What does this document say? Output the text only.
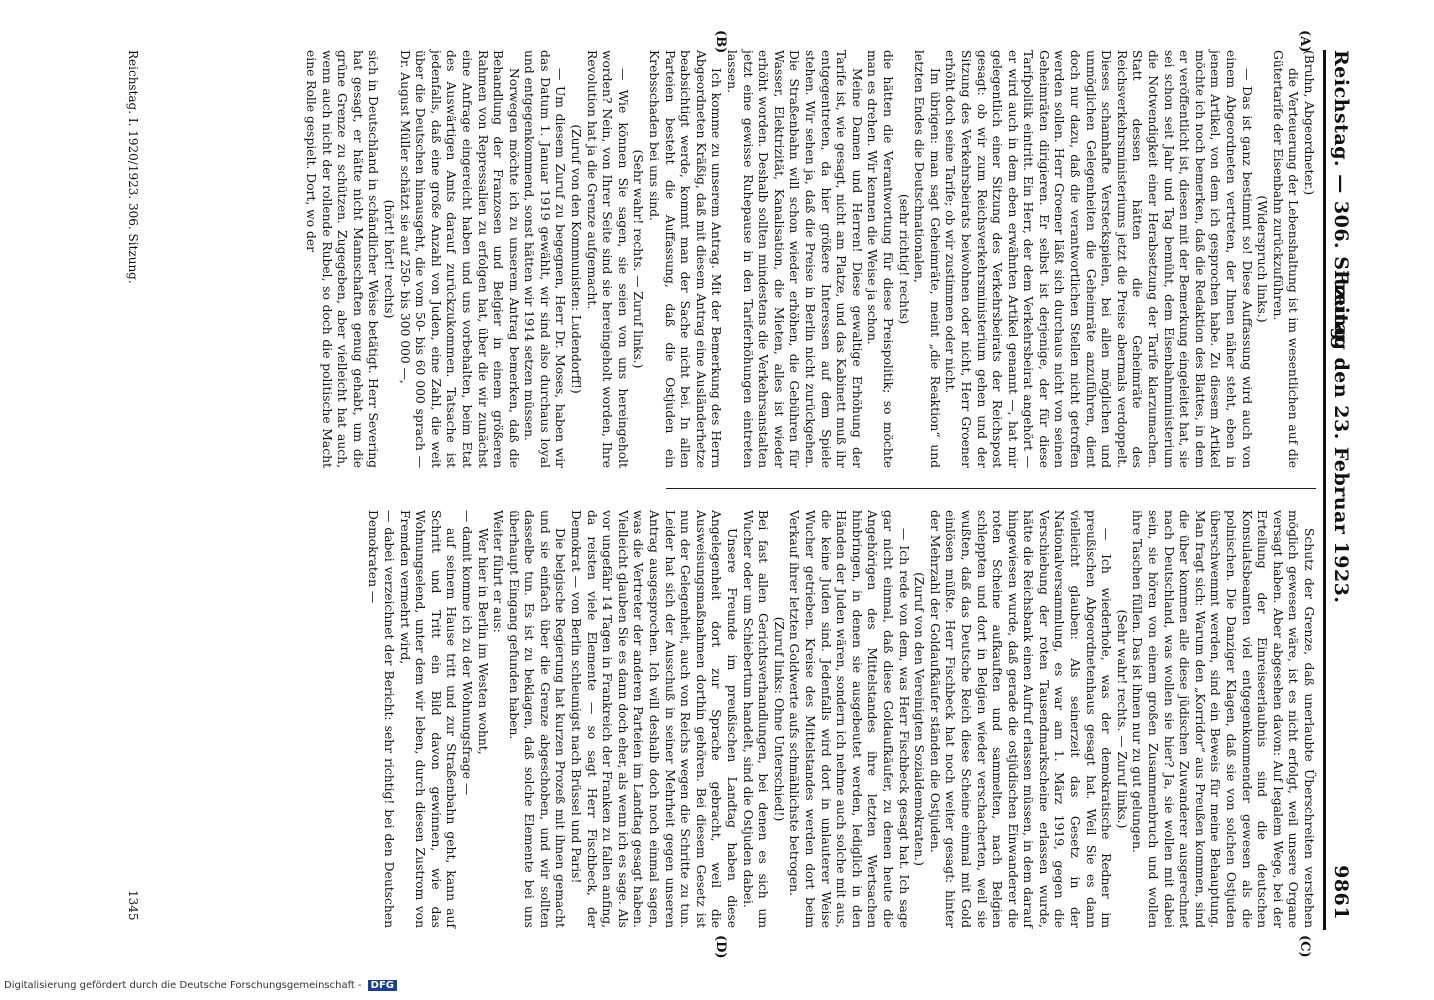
Reichstag. — 306. Sitzung.
Freitag den 23. Februar 1923.
9861
(A)
(B)
(C)
(D)

(Bruhn, Abgeordneter.)

die Verteuerung der Lebenshaltung ist im wesentlichen auf die Gütertarife der Eisenbahn zurückzuführen.

(Widerspruch links.)

— Das ist ganz bestimmt so! Diese Auffassung wird auch von einem Abgeordneten vertreten, der Ihnen näher steht, eben in jenem Artikel, von dem ich gesprochen habe. Zu diesem Artikel möchte ich noch bemerken, daß die Redaktion des Blattes, in dem er veröffentlicht ist, diesen mit der Bemerkung eingeleitet hat, sie sei schon seit Jahr und Tag bemüht, dem Eisenbahnministerium die Notwendigkeit einer Herabsetzung der Tarife klarzumachen. Statt dessen hätten die Geheimräte des Reichsverkehrsministeriums jetzt die Preise abermals verdoppelt. Dieses schamhafte Versteckspielen, bei allen möglichen und unmöglichen Gelegenheiten die Geheimräte anzuführen, dient doch nur dazu, daß die verantwortlichen Stellen nicht getroffen werden sollen. Herr Groener läßt sich durchaus nicht von seinen Geheimräten dirigieren. Er selbst ist derjenige, der für diese Tarifpolitik eintritt. Ein Herr, der dem Verkehrsbeirat angehört — er wird auch in dem eben erwähnten Artikel genannt —, hat mir gelegentlich einer Sitzung des Verkehrsbeirats der Reichspost gesagt: ob wir zum Reichsverkehrsministerium gehen und der Sitzung des Verkehrsbeirats beiwohnen oder nicht, Herr Groener erhöht doch seine Tarife; ob wir zustimmen oder nicht.

Im übrigen: man sagt Geheimräte, meint „die Reaktion“ und letzten Endes die Deutschnationalen,

(sehr richtig! rechts)

die hätten die Verantwortung für diese Preispolitik; so möchte man es drehen. Wir kennen die Weise ja schon.

Meine Damen und Herren! Diese gewaltige Erhöhung der Tarife ist, wie gesagt, nicht am Platze, und das Kabinett muß ihr entgegentreten, da hier größere Interessen auf dem Spiele stehen. Wir sehen ja, daß die Preise in Berlin nicht zurückgehen. Die Straßenbahn will schon wieder erhöhen, die Gebühren für Wasser, Elektrizität, Kanalisation, die Mieten, alles ist wieder erhöht worden. Deshalb sollten mindestens die Verkehrsanstalten jetzt eine gewisse Ruhepause in den Tariferhöhungen eintreten lassen.

Ich komme zu unserem Antrag. Mit der Bemerkung des Herrn Abgeordneten Kräßig, daß mit diesem Antrag eine Ausländerhetze beabsichtigt werde, kommt man der Sache nicht bei. In allen Parteien besteht die Auffassung, daß die Ostjuden ein Krebsschaden bei uns sind.

(Sehr wahr! rechts. — Zuruf links.)

— Wie können Sie sagen, sie seien von uns hereingeholt worden? Nein, von Ihrer Seite sind sie hereingeholt worden, Ihre Revolution hat ja die Grenze aufgemacht.

(Zuruf von den Kommunisten: Ludendorff!)

— Um diesem Zuruf zu begegnen, Herr Dr. Moses, haben wir das Datum 1. Januar 1919 gewählt, wir sind also durchaus loyal und entgegenkommend, sonst hätten wir 1914 setzen müssen.

Norwegen möchte ich zu unserem Antrag bemerken, daß die Behandlung der Franzosen und Belgier in einem größeren Rahmen von Repressalien zu erfolgen hat, über die wir zunächst eine Anfrage eingereicht haben und uns vorbehalten, beim Etat des Auswärtigen Amts darauf zurückzukommen. Tatsache ist jedenfalls, daß eine große Anzahl von Juden, eine Zahl, die weit über die Deutschen hinausgeht, die vom 50- bis 60 000 sprach — Dr. August Müller schätzt sie auf 250- bis 300 000 —,

(hört! hört! rechts)

sich in Deutschland in schändlicher Weise betätigt. Herr Severing hat gesagt, er hätte nicht Mannschaften genug gehabt, um die grüne Grenze zu schützen. Zugegeben, aber vielleicht hat auch, wenn auch nicht der rollende Rubel, so doch die politische Macht eine Rolle gespielt. Dort, wo der

Schutz der Grenze, daß unerlaubte Überschreiten verstehen möglich gewesen wäre, ist es nicht erfolgt, weil unsere Organe versagt haben. Aber abgesehen davon: Auf legalem Wege, bei der Erteilung der Einreiseerlaubnis sind die deutschen Konsulatsbeamten viel entgegenkommender gewesen als die polnischen. Die Danziger Klagen, daß sie von solchen Ostjuden überschwemmt werden, sind ein Beweis für meine Behauptung. Man fragt sich: Warum den „Korridor“ aus Preußen kommen, sind die über kommen alle diese jüdischen Zuwanderer ausgerechnet nach Deutschland, was wollen sie hier? Ja, sie wollen mit dabei sein, sie hören von einem großen Zusammenbruch und wollen ihre Taschen füllen. Das ist ihnen nur zu gut gelungen.

(Sehr wahr! rechts. — Zuruf links.)

— Ich wiederhole, was der demokratische Redner im preußischen Abgeordnetenhaus gesagt hat. Weil Sie es dann vielleicht glauben: Als seinerzeit das Gesetz in der Nationalversammlung, es war am 1. März 1919, gegen die Verschiebung der roten Tausendmarkscheine erlassen wurde, hätte die Reichsbank einen Aufruf erlassen müssen, in dem darauf hingewiesen wurde, daß gerade die ostjüdischen Einwanderer die roten Scheine aufkauften und sammelten, nach Belgien schleppten und dort in Belgien wieder verschacherten, weil sie wußten, daß das Deutsche Reich diese Scheine einmal mit Gold einlösen müßte. Herr Fischbeck hat noch weiter gesagt: hinter der Mehrzahl der Goldaufkäufer ständen die Ostjuden.

(Zuruf von den Vereinigten Sozialdemokraten.)

— Ich rede von dem, was Herr Fischbeck gesagt hat. Ich sage gar nicht einmal, daß diese Goldaufkäufer, zu denen heute die Angehörigen des Mittelstandes ihre letzten Wertsachen hinbringen, in denen sie ausgebeutet werden, lediglich in den Händen der Juden wären, sondern ich nehme auch solche mit aus, die keine Juden sind. Jedenfalls wird dort in unlauterer Weise Wucher getrieben. Kreise des Mittelstandes werden dort beim Verkauf ihrer letzten Goldwerte aufs schmählichste betrogen.

(Zuruf links: Ohne Unterschied!)

Bei fast allen Gerichtsverhandlungen, bei denen es sich um Wucher oder um Schiebertum handelt, sind die Ostjuden dabei.

Unsere Freunde im preußischen Landtag haben diese Angelegenheit dort zur Sprache gebracht, weil die Ausweisungsmaßnahmen dorthin gehören. Bei diesem Gesetz ist nun der Gelegenheit, auch von Reichs wegen die Schritte zu tun. Leider hat sich der Ausschuß in seiner Mehrheit gegen unseren Antrag ausgesprochen. Ich will deshalb doch noch einmal sagen, was die Vertreter der anderen Parteien im Landtag gesagt haben. Vielleicht glauben Sie es dann doch eher, als wenn ich es sage. Als vor ungefähr 14 Tagen in Frankreich der Franken zu fallen anfing, da reisten viele Elemente — so sagt Herr Fischbeck, der Demokrat — von Berlin schleunigst nach Brüssel und Paris!

Die belgische Regierung hat kurzen Prozeß mit ihnen gemacht und sie einfach über die Grenze abgeschoben, und wir sollten dasselbe tun. Es ist zu beklagen, daß solche Elemente bei uns überhaupt Eingang gefunden haben.

Weiter führt er aus:

Wer hier in Berlin im Westen wohnt,

— damit komme ich zu der Wohnungsfrage —

auf seinem Hause tritt und zur Straßenbahn geht, kann auf Schritt und Tritt ein Bild davon gewinnen, wie das Wohnungselend, unter dem wir leben, durch diesen Zustrom von Fremden vermehrt wird,

— dabei verzeichnet der Bericht: sehr richtig! bei den Deutschen Demokraten —

Reichstag. I. 1920/1923. 306. Sitzung.
1345
Digitalisierung gefördert durch die Deutsche Forschungsgemeinschaft - DFG
